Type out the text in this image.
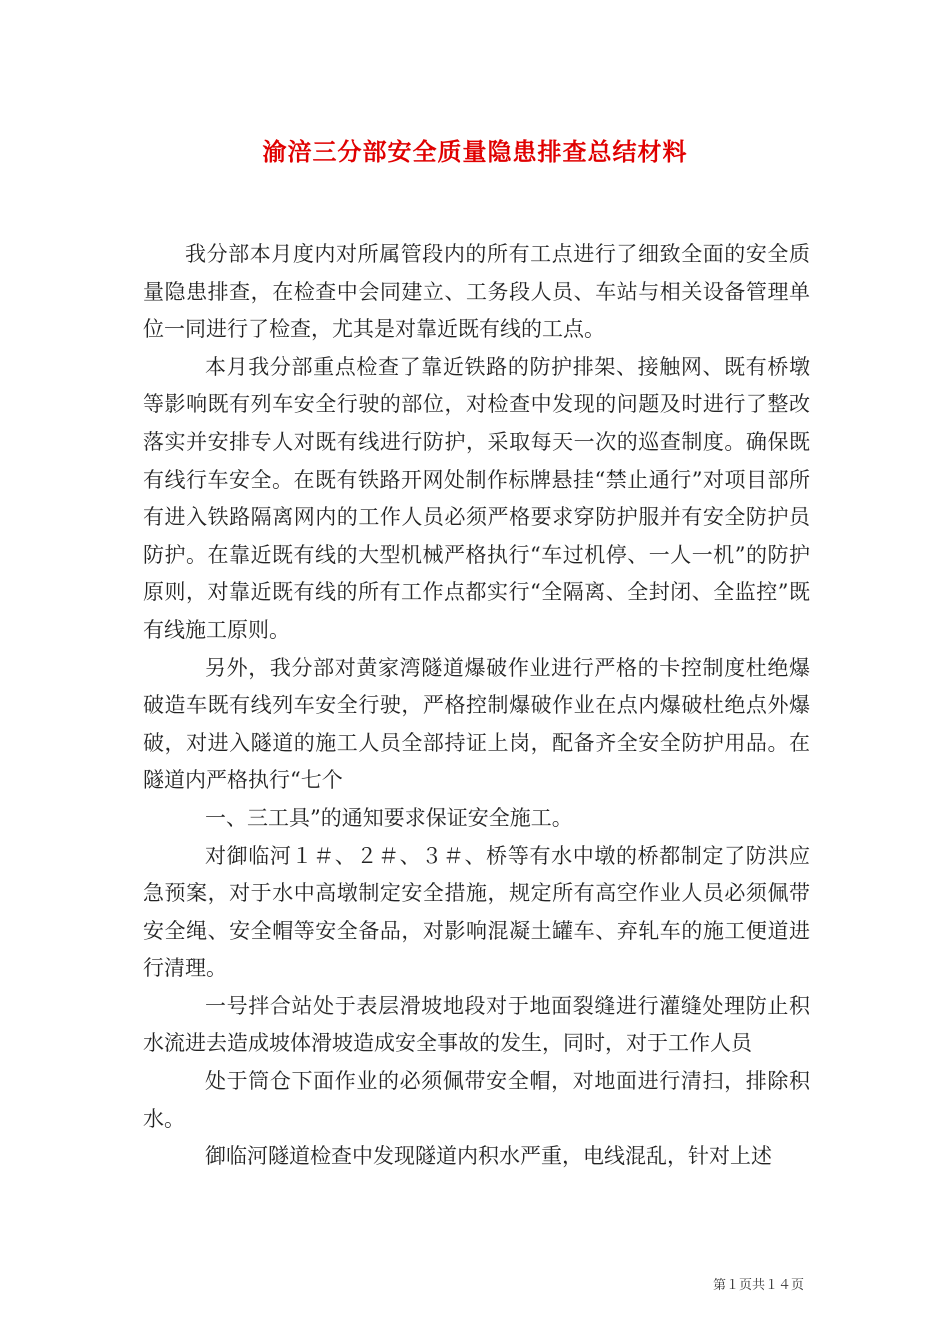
渝涪三分部安全质量隐患排查总结材料

我分部本月度内对所属管段内的所有工点进行了细致全面的安全质量隐患排查，在检查中会同建立、工务段人员、车站与相关设备管理单位一同进行了检查，尤其是对靠近既有线的工点。

本月我分部重点检查了靠近铁路的防护排架、接触网、既有桥墩等影响既有列车安全行驶的部位，对检查中发现的问题及时进行了整改落实并安排专人对既有线进行防护，采取每天一次的巡查制度。确保既有线行车安全。在既有铁路开网处制作标牌悬挂“禁止通行”对项目部所有进入铁路隔离网内的工作人员必须严格要求穿防护服并有安全防护员防护。在靠近既有线的大型机械严格执行“车过机停、一人一机”的防护原则，对靠近既有线的所有工作点都实行“全隔离、全封闭、全监控”既有线施工原则。

另外，我分部对黄家湾隧道爆破作业进行严格的卡控制度杜绝爆破造车既有线列车安全行驶，严格控制爆破作业在点内爆破杜绝点外爆破，对进入隧道的施工人员全部持证上岗，配备齐全安全防护用品。在隧道内严格执行“七个

一、三工具”的通知要求保证安全施工。

对御临河１＃、２＃、３＃、桥等有水中墩的桥都制定了防洪应急预案，对于水中高墩制定安全措施，规定所有高空作业人员必须佩带安全绳、安全帽等安全备品，对影响混凝土罐车、弃轧车的施工便道进行清理。

一号拌合站处于表层滑坡地段对于地面裂缝进行灌缝处理防止积水流进去造成坡体滑坡造成安全事故的发生，同时，对于工作人员

处于筒仓下面作业的必须佩带安全帽，对地面进行清扫，排除积水。

御临河隧道检查中发现隧道内积水严重，电线混乱，针对上述

第１页共１４页
